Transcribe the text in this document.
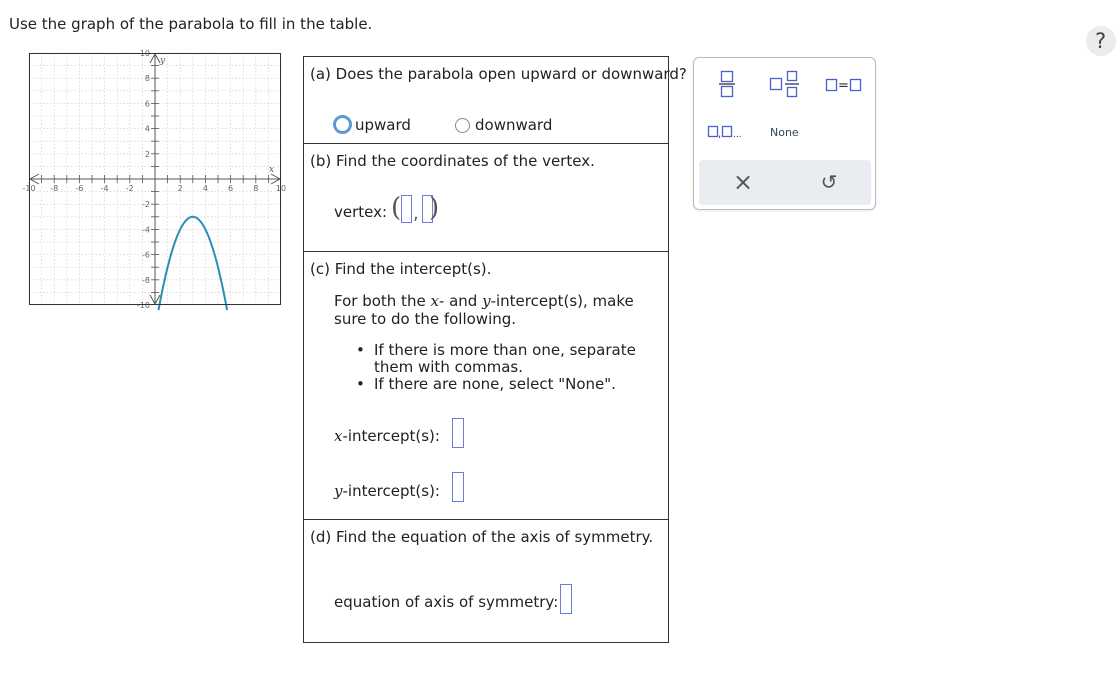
Use the graph of the parabola to fill in the table.
?
x
y
-10 -8 -6 -4 -2	2	4	6	8 10
10
8
6
4
2
-2
-4
-6
-8
-10
(a) Does the parabola open upward or downward?
upward	downward
(b) Find the coordinates of the vertex.
vertex: ( , )
(c) Find the intercept(s).
For both the x- and y-intercept(s), make sure to do the following.
• If there is more than one, separate them with commas.
• If there are none, select "None".
x-intercept(s):
y-intercept(s):
(d) Find the equation of the axis of symmetry.
equation of axis of symmetry:
=
, ...	None
×	↺
